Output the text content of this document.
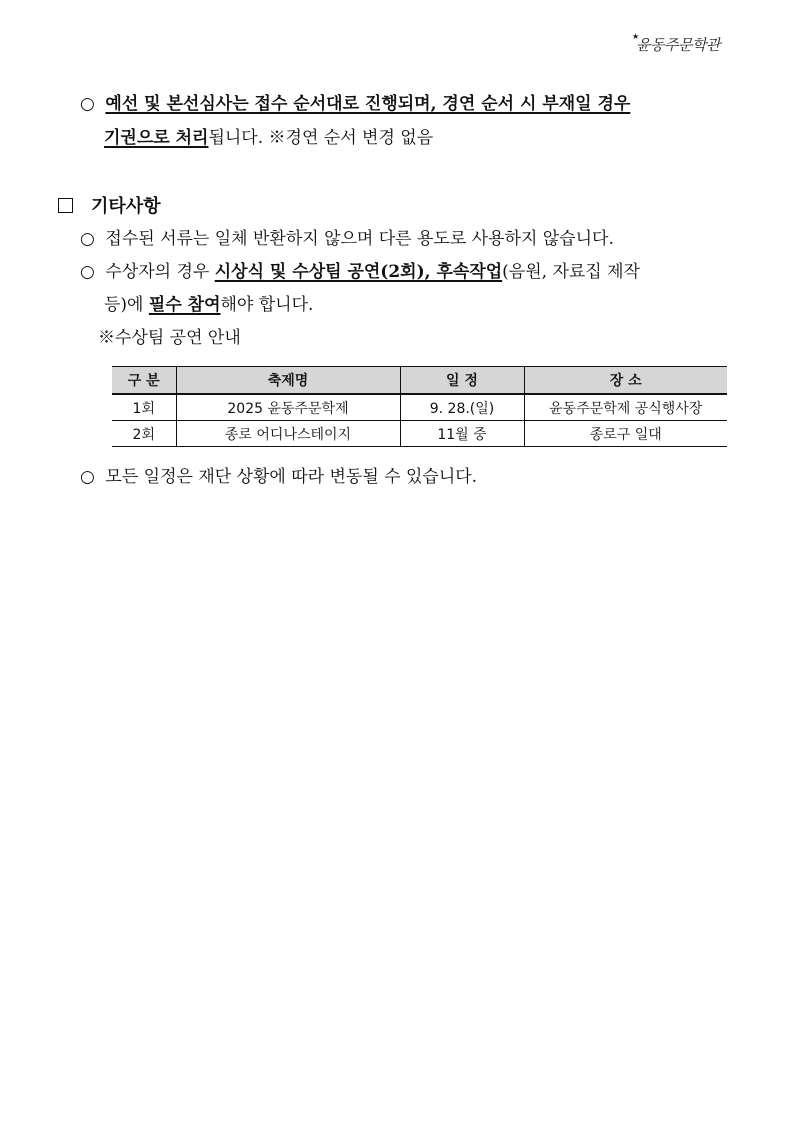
★
윤동주문학관
○ 예선 및 본선심사는 접수 순서대로 진행되며, 경연 순서 시 부재일 경우
기권으로 처리됩니다. ※경연 순서 변경 없음
기타사항
○ 접수된 서류는 일체 반환하지 않으며 다른 용도로 사용하지 않습니다.
○ 수상자의 경우 시상식 및 수상팀 공연(2회), 후속작업(음원, 자료집 제작
등)에 필수 참여해야 합니다.
※수상팀 공연 안내
구 분	축제명	일 정	장 소
1회	2025 윤동주문학제	9. 28.(일)	윤동주문학제 공식행사장
2회	종로 어디나스테이지	11월 중	종로구 일대
○ 모든 일정은 재단 상황에 따라 변동될 수 있습니다.
